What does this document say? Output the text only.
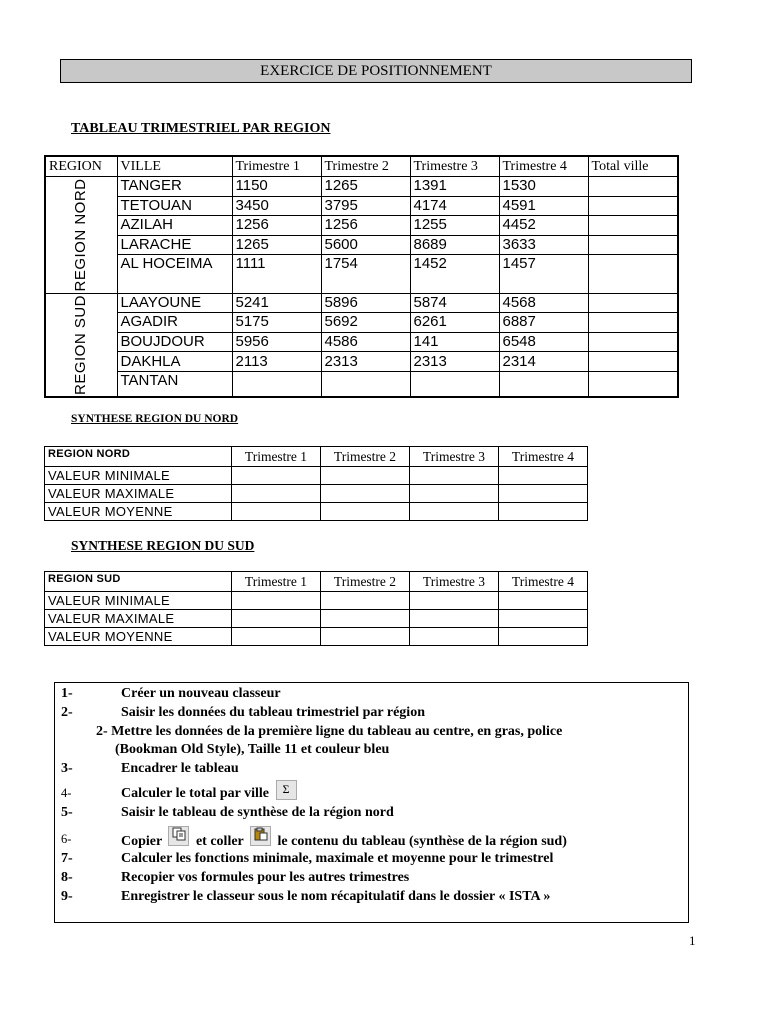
EXERCICE DE POSITIONNEMENT
TABLEAU TRIMESTRIEL PAR REGION
REGION	VILLE	Trimestre 1	Trimestre 2	Trimestre 3	Trimestre 4	Total ville

REGION NORD	TANGER	1150	1265	1391	1530	
	TETOUAN	3450	3795	4174	4591	
	AZILAH	1256	1256	1255	4452	
	LARACHE	1265	5600	8689	3633	
	AL HOCEIMA	1111	1754	1452	1457	

REGION SUD	LAAYOUNE	5241	5896	5874	4568	
	AGADIR	5175	5692	6261	6887	
	BOUJDOUR	5956	4586	141	6548	
	DAKHLA	2113	2313	2313	2314	
	TANTAN					
SYNTHESE REGION DU NORD
REGION NORD	Trimestre 1	Trimestre 2	Trimestre 3	Trimestre 4
VALEUR MINIMALE				
VALEUR MAXIMALE				
VALEUR MOYENNE				
SYNTHESE REGION DU SUD
REGION SUD	Trimestre 1	Trimestre 2	Trimestre 3	Trimestre 4
VALEUR MINIMALE				
VALEUR MAXIMALE				
VALEUR MOYENNE				
1-	Créer un nouveau classeur
2-	Saisir les données du tableau trimestriel par région
2- Mettre les données de la première ligne du tableau au centre, en gras, police
(Bookman Old Style), Taille 11 et couleur bleu
3-	Encadrer le tableau
4-	Calculer le total par ville Σ
5-	Saisir le tableau de synthèse de la région nord
6-	Copier et coller le contenu du tableau (synthèse de la région sud)
7-	Calculer les fonctions minimale, maximale et moyenne pour le trimestrel
8-	Recopier vos formules pour les autres trimestres
9-	Enregistrer le classeur sous le nom récapitulatif dans le dossier « ISTA »
1
